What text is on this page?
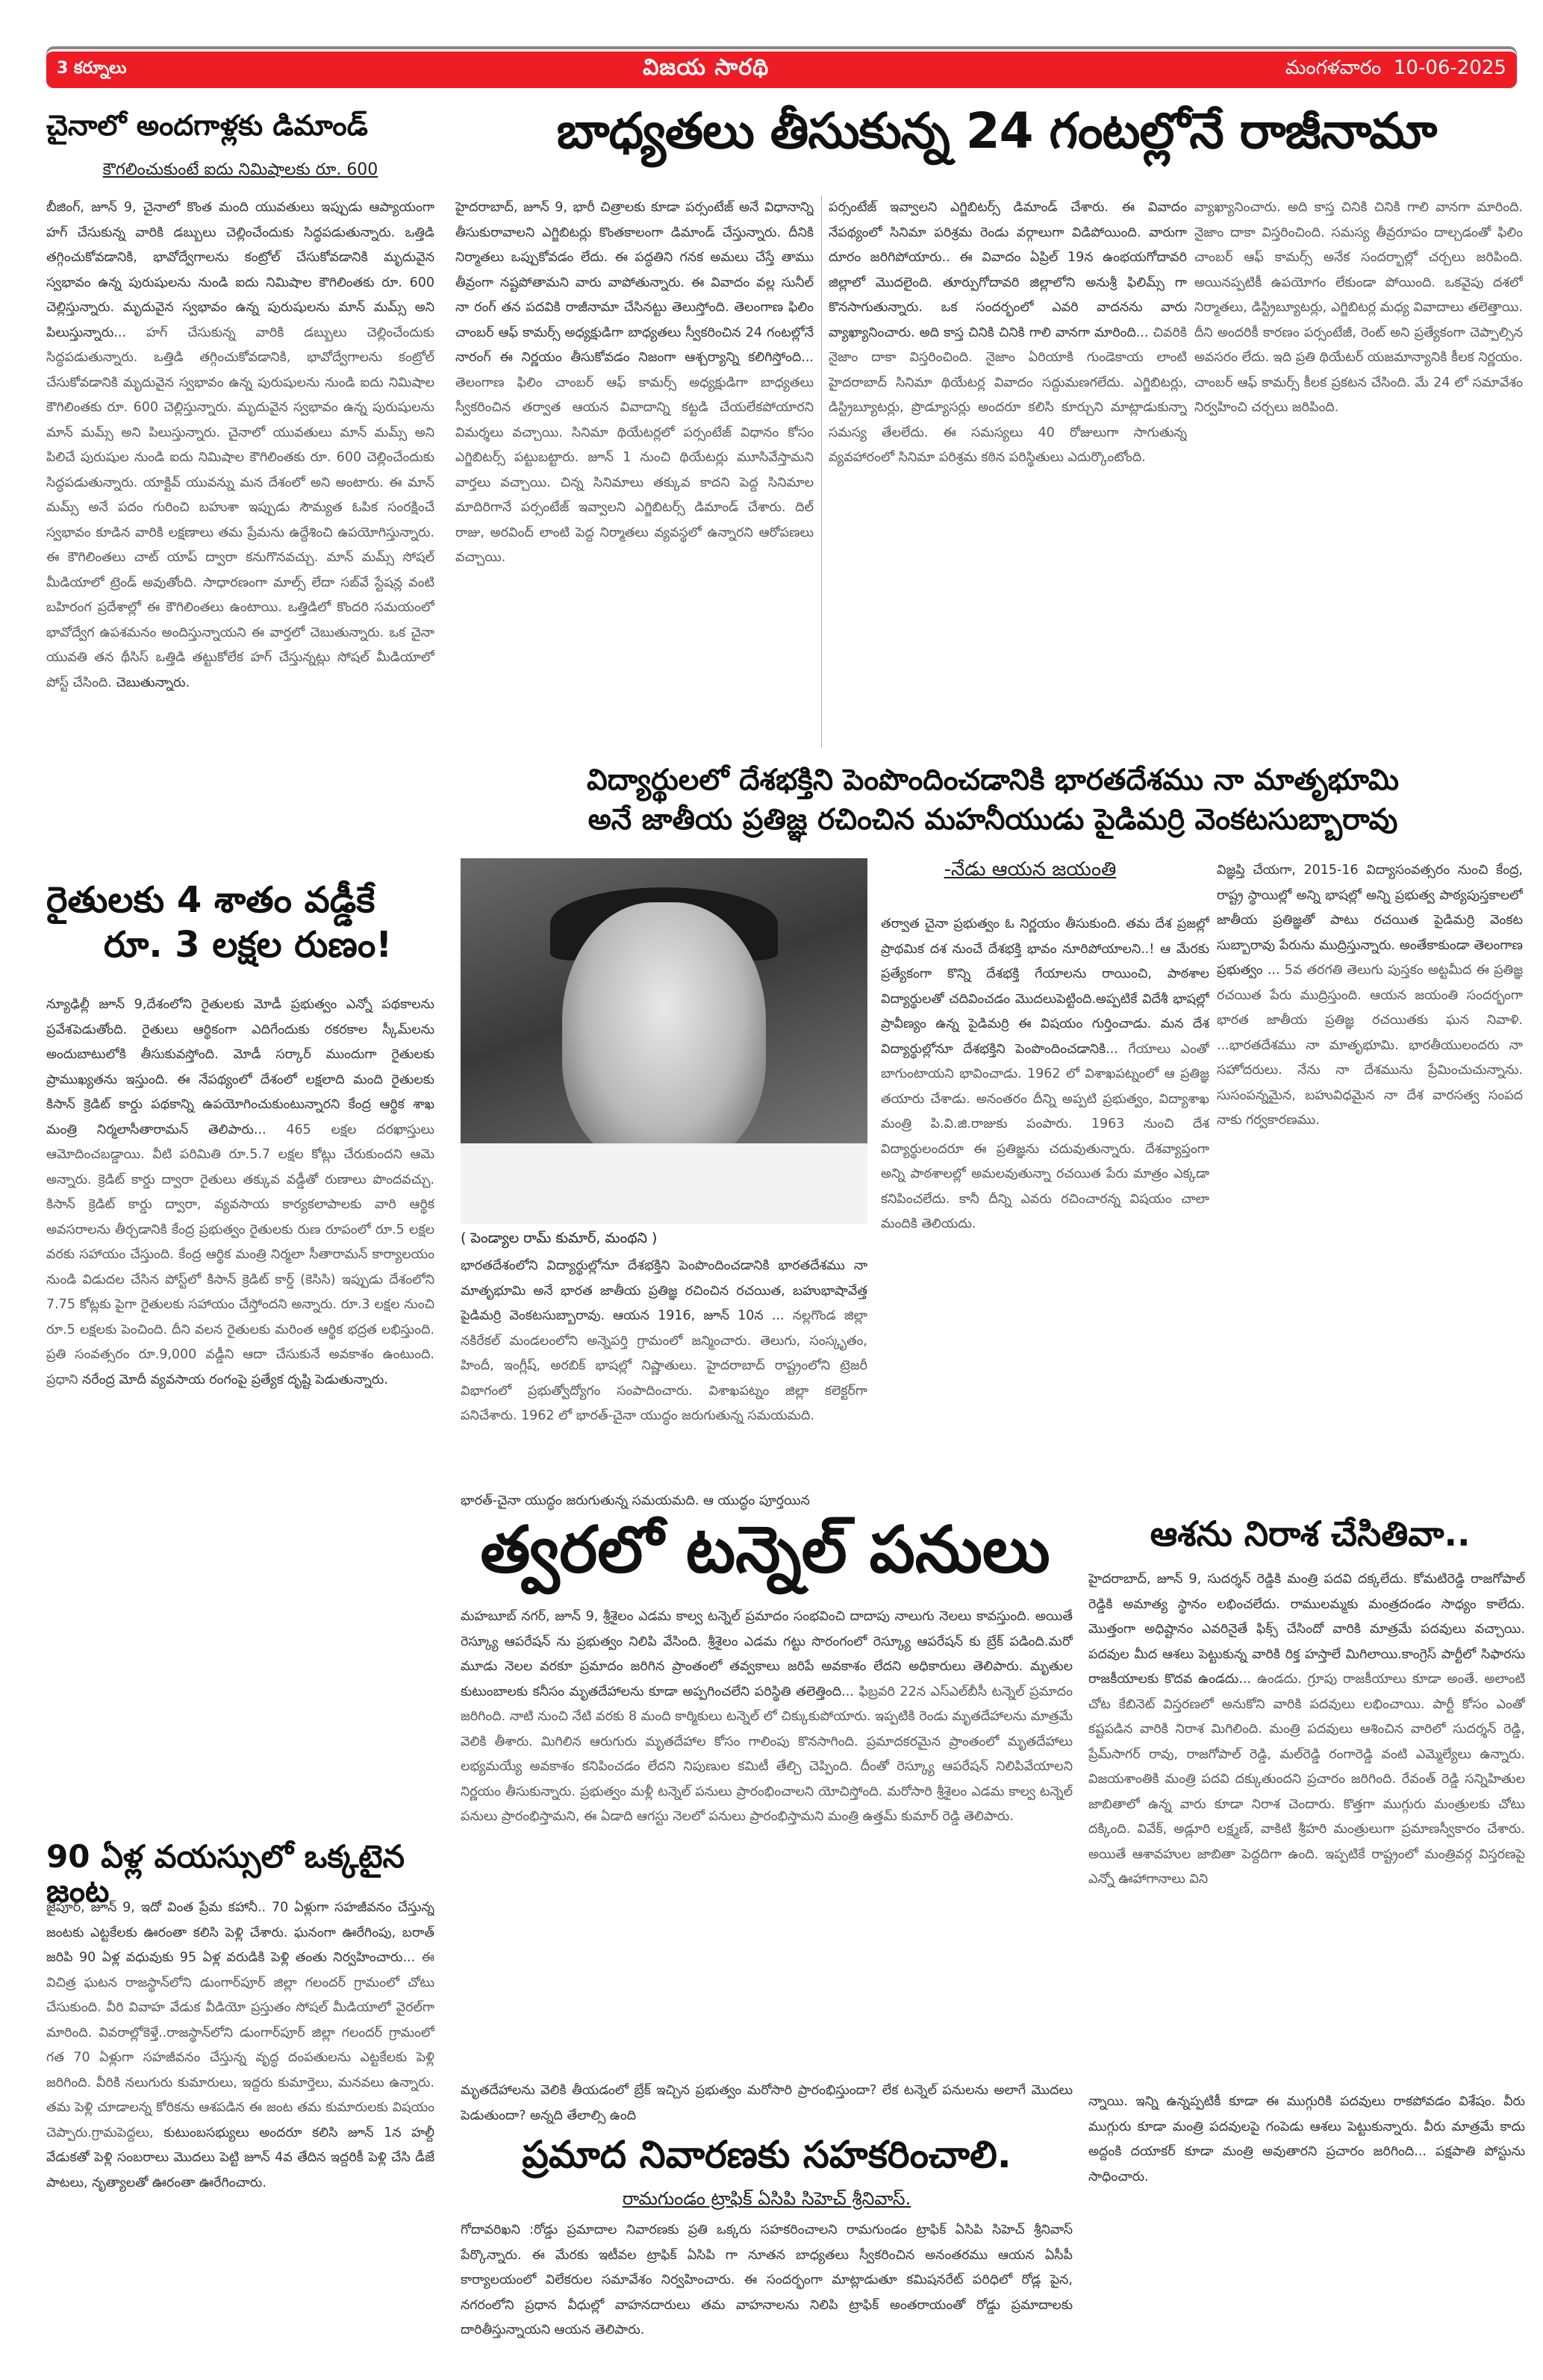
3 కర్నూలు	విజయ సారథి	మంగళవారం 10-06-2025
చైనాలో అందగాళ్లకు డిమాండ్
కౌగలించుకుంటే ఐదు నిమిషాలకు రూ. 600
బీజింగ్, జూన్ 9, చైనాలో కొంత మంది యువతులు ఇప్పుడు ఆప్యాయంగా హగ్ చేసుకున్న వారికి డబ్బులు చెల్లించేందుకు సిద్ధపడుతున్నారు. ఒత్తిడి తగ్గించుకోవడానికి, భావోద్వేగాలను కంట్రోల్‌ చేసుకోవడానికి మృదువైన స్వభావం ఉన్న పురుషులను నుండి ఐదు నిమిషాల కౌగిలింతకు రూ. 600 చెల్లిస్తున్నారు. మృదువైన స్వభావం ఉన్న పురుషులను మాన్ మమ్స్ అని పిలుస్తున్నారు... హగ్ చేసుకున్న వారికి డబ్బులు చెల్లించేందుకు సిద్ధపడుతున్నారు. ఒత్తిడి తగ్గించుకోవడానికి, భావోద్వేగాలను కంట్రోల్‌ చేసుకోవడానికి మృదువైన స్వభావం ఉన్న పురుషులను నుండి ఐదు నిమిషాల కౌగిలింతకు రూ. 600 చెల్లిస్తున్నారు. మృదువైన స్వభావం ఉన్న పురుషులను మాన్ మమ్స్ అని పిలుస్తున్నారు. చైనాలో యువతులు మాన్ మమ్స్ అని పిలిచే పురుషుల నుండి ఐదు నిమిషాల కౌగిలింతకు రూ. 600 చెల్లించేందుకు సిద్ధపడుతున్నారు. యాక్టివ్ యువన్ను మన దేశంలో అని అంటారు. ఈ మాన్ మమ్స్ అనే పదం గురించి బహుశా ఇప్పుడు సౌమ్యత ఓపిక సంరక్షించే స్వభావం కూడిన వారికి లక్షణాలు తమ ప్రేమను ఉద్దేశించి ఉపయోగిస్తున్నారు. ఈ కౌగిలింతలు చాట్ యాప్ ద్వారా కనుగొనవచ్చు. మాన్ మమ్స్ సోషల్ మీడియాలో ట్రెండ్ అవుతోంది. సాధారణంగా మాల్స్ లేదా సబ్‌వే స్టేషన్ల వంటి బహిరంగ ప్రదేశాల్లో ఈ కౌగిలింతలు ఉంటాయి. ఒత్తిడిలో కొందరి సమయంలో భావోద్వేగ ఉపశమనం అందిస్తున్నాయని ఈ వార్తలో చెబుతున్నారు. ఒక చైనా యువతి తన థీసిస్ ఒత్తిడి తట్టుకోలేక హగ్ చేస్తున్నట్లు సోషల్ మీడియాలో పోస్ట్ చేసింది. చెబుతున్నారు.
బాధ్యతలు తీసుకున్న 24 గంటల్లోనే రాజీనామా
హైదరాబాద్, జూన్ 9, భారీ చిత్రాలకు కూడా పర్సంటేజ్ అనే విధానాన్ని తీసుకురావాలని ఎగ్జిబిటర్లు కొంతకాలంగా డిమాండ్ చేస్తున్నారు. దీనికి నిర్మాతలు ఒప్పుకోవడం లేదు. ఈ పద్ధతిని గనక అమలు చేస్తే తాము తీవ్రంగా నష్టపోతామని వారు వాపోతున్నారు. ఈ వివాదం వల్ల సునీల్ నా రంగ్ తన పదవికి రాజీనామా చేసినట్టు తెలుస్తోంది. తెలంగాణ ఫిలిం చాంబర్ ఆఫ్ కామర్స్ అధ్యక్షుడిగా బాధ్యతలు స్వీకరించిన 24 గంటల్లోనే నారంగ్ ఈ నిర్ణయం తీసుకోవడం నిజంగా ఆశ్చర్యాన్ని కలిగిస్తోంది... తెలంగాణ ఫిలిం చాంబర్ ఆఫ్ కామర్స్ అధ్యక్షుడిగా బాధ్యతలు స్వీకరించిన తర్వాత ఆయన వివాదాన్ని కట్టడి చేయలేకపోయారని విమర్శలు వచ్చాయి. సినిమా థియేటర్లలో పర్సంటేజ్ విధానం కోసం ఎగ్జిబిటర్స్ పట్టుబట్టారు. జూన్ 1 నుంచి థియేటర్లు మూసివేస్తామని వార్తలు వచ్చాయి. చిన్న సినిమాలు తక్కువ కాదని పెద్ద సినిమాల మాదిరిగానే పర్సంటేజ్ ఇవ్వాలని ఎగ్జిబిటర్స్ డిమాండ్ చేశారు. దిల్ రాజు, అరవింద్ లాంటి పెద్ద నిర్మాతలు వ్యవస్థలో ఉన్నారని ఆరోపణలు వచ్చాయి.
పర్సంటేజ్ ఇవ్వాలని ఎగ్జిబిటర్స్ డిమాండ్ చేశారు. ఈ వివాదం నేపథ్యంలో సినిమా పరిశ్రమ రెండు వర్గాలుగా విడిపోయింది. వారుగా దూరం జరిగిపోయారు.. ఈ వివాదం ఏప్రిల్ 19న ఉంభయగోదావరి జిల్లాలో మొదలైంది. తూర్పుగోదావరి జిల్లాలోని అనుశ్రీ ఫిలిమ్స్ గా కొనసాగుతున్నారు. ఒక సందర్భంలో ఎవరి వాదనను వారు వ్యాఖ్యానించారు. అది కాస్త చినికి చినికి గాలి వానగా మారింది... చివరికి నైజాం దాకా విస్తరించింది. నైజాం ఏరియాకి గుండెకాయ లాంటి హైదరాబాద్ సినిమా థియేటర్ల వివాదం సద్దుమణగలేదు. ఎగ్జిబిటర్లు, డిస్ట్రిబ్యూటర్లు, ప్రొడ్యూసర్లు అందరూ కలిసి కూర్చుని మాట్లాడుకున్నా సమస్య తేలలేదు. ఈ సమస్యలు 40 రోజులుగా సాగుతున్న వ్యవహారంలో సినిమా పరిశ్రమ కఠిన పరిస్థితులు ఎదుర్కొంటోంది.
వ్యాఖ్యానించారు. అది కాస్త చినికి చినికి గాలి వానగా మారింది. నైజాం దాకా విస్తరించింది. సమస్య తీవ్రరూపం దాల్చడంతో ఫిలిం చాంబర్ ఆఫ్ కామర్స్ అనేక సందర్భాల్లో చర్చలు జరిపింది. అయినప్పటికీ ఉపయోగం లేకుండా పోయింది. ఒకవైపు దశలో నిర్మాతలు, డిస్ట్రిబ్యూటర్లు, ఎగ్జిబిటర్ల మధ్య వివాదాలు తలెత్తాయి. దీని అందరికీ కారణం పర్సంటేజీ, రెంట్ అని ప్రత్యేకంగా చెప్పాల్సిన అవసరం లేదు. ఇది ప్రతి థియేటర్ యజమాన్యానికి కీలక నిర్ణయం. చాంబర్ ఆఫ్ కామర్స్ కీలక ప్రకటన చేసింది. మే 24 లో సమావేశం నిర్వహించి చర్చలు జరిపింది.
విద్యార్థులలో దేశభక్తిని పెంపొందించడానికి భారతదేశము నా మాతృభూమి
అనే జాతీయ ప్రతిజ్ఞ రచించిన మహనీయుడు పైడిమర్రి వెంకటసుబ్బారావు
-నేడు ఆయన జయంతి
( పెండ్యాల రామ్ కుమార్, మంథని )
భారతదేశంలోని విద్యార్థుల్లోనూ దేశభక్తిని పెంపొందించడానికి భారతదేశము నా మాతృభూమి అనే భారత జాతీయ ప్రతిజ్ఞ రచించిన రచయిత, బహుభాషావేత్త పైడిమర్రి వెంకటసుబ్బారావు. ఆయన 1916, జూన్ 10న ... నల్లగొండ జిల్లా నకిరేకల్ మండలంలోని అన్నెపర్తి గ్రామంలో జన్మించారు. తెలుగు, సంస్కృతం, హిందీ, ఇంగ్లీష్, అరబిక్ భాషల్లో నిష్ణాతులు. హైదరాబాద్ రాష్ట్రంలోని ట్రెజరీ విభాగంలో ప్రభుత్వోద్యోగం సంపాదించారు. విశాఖపట్నం జిల్లా కలెక్టర్‌గా పనిచేశారు. 1962 లో భారత్-చైనా యుద్ధం జరుగుతున్న సమయమది.
భారత్-చైనా యుద్ధం జరుగుతున్న సమయమది. ఆ యుద్ధం పూర్తయిన
తర్వాత చైనా ప్రభుత్వం ఓ నిర్ణయం తీసుకుంది. తమ దేశ ప్రజల్లో ప్రాథమిక దశ నుంచే దేశభక్తి భావం నూరిపోయాలని..! ఆ మేరకు ప్రత్యేకంగా కొన్ని దేశభక్తి గేయాలను రాయించి, పాఠశాల విద్యార్థులతో చదివించడం మొదలుపెట్టింది.అప్పటికే విదేశీ భాషల్లో ప్రావీణ్యం ఉన్న పైడిమర్రి ఈ విషయం గుర్తించాడు. మన దేశ విద్యార్థుల్లోనూ దేశభక్తిని పెంపొందించడానికి... గేయాలు ఎంతో బాగుంటాయని భావించాడు. 1962 లో విశాఖపట్నంలో ఆ ప్రతిజ్ఞ తయారు చేశాడు. అనంతరం దీన్ని అప్పటి ప్రభుత్వం, విద్యాశాఖ మంత్రి పి.వి.జి.రాజుకు పంపారు. 1963 నుంచి దేశ విద్యార్థులందరూ ఈ ప్రతిజ్ఞను చదువుతున్నారు. దేశవ్యాప్తంగా అన్ని పాఠశాలల్లో అమలవుతున్నా రచయిత పేరు మాత్రం ఎక్కడా కనిపించలేదు. కానీ దీన్ని ఎవరు రచించారన్న విషయం చాలా మందికి తెలియదు.
విజ్ఞప్తి చేయగా, 2015-16 విద్యాసంవత్సరం నుంచి కేంద్ర, రాష్ట్ర స్థాయిల్లో అన్ని భాషల్లో అన్ని ప్రభుత్వ పాఠ్యపుస్తకాలలో జాతీయ ప్రతిజ్ఞతో పాటు రచయిత పైడిమర్రి వెంకట సుబ్బారావు పేరును ముద్రిస్తున్నారు. అంతేకాకుండా తెలంగాణ ప్రభుత్వం ... 5వ తరగతి తెలుగు పుస్తకం అట్టమీద ఈ ప్రతిజ్ఞ రచయిత పేరు ముద్రిస్తుంది. ఆయన జయంతి సందర్భంగా భారత జాతీయ ప్రతిజ్ఞ రచయితకు ఘన నివాళి. ...భారతదేశము నా మాతృభూమి. భారతీయులందరు నా సహోదరులు. నేను నా దేశమును ప్రేమించుచున్నాను. సుసంపన్నమైన, బహువిధమైన నా దేశ వారసత్వ సంపద నాకు గర్వకారణము.
రైతులకు 4 శాతం వడ్డీకే
రూ. 3 లక్షల రుణం!
న్యూఢిల్లీ జూన్ 9,దేశంలోని రైతులకు మోడీ ప్రభుత్వం ఎన్నో పథకాలను ప్రవేశపెడుతోంది. రైతులు ఆర్థికంగా ఎదిగేందుకు రకరకాల స్కీమ్‌లను అందుబాటులోకి తీసుకువస్తోంది. మోడీ సర్కార్ ముందుగా రైతులకు ప్రాముఖ్యతను ఇస్తుంది. ఈ నేపథ్యంలో దేశంలో లక్షలాది మంది రైతులకు కిసాన్ క్రెడిట్ కార్డు పథకాన్ని ఉపయోగించుకుంటున్నారని కేంద్ర ఆర్థిక శాఖ మంత్రి నిర్మలాసీతారామన్ తెలిపారు... 465 లక్షల దరఖాస్తులు ఆమోదించబడ్డాయి. వీటి పరిమితి రూ.5.7 లక్షల కోట్లు చేరుకుందని ఆమె అన్నారు. క్రెడిట్ కార్డు ద్వారా రైతులు తక్కువ వడ్డీతో రుణాలు పొందవచ్చు. కిసాన్ క్రెడిట్ కార్డు ద్వారా, వ్యవసాయ కార్యకలాపాలకు వారి ఆర్థిక అవసరాలను తీర్చడానికి కేంద్ర ప్రభుత్వం రైతులకు రుణ రూపంలో రూ.5 లక్షల వరకు సహాయం చేస్తుంది. కేంద్ర ఆర్థిక మంత్రి నిర్మలా సీతారామన్ కార్యాలయం నుండి విడుదల చేసిన పోస్ట్‌లో కిసాన్ క్రెడిట్ కార్డ్ (కెసిసి) ఇప్పుడు దేశంలోని 7.75 కోట్లకు పైగా రైతులకు సహాయం చేస్తోందని అన్నారు. రూ.3 లక్షల నుంచి రూ.5 లక్షలకు పెంచింది. దీని వలన రైతులకు మరింత ఆర్థిక భద్రత లభిస్తుంది. ప్రతి సంవత్సరం రూ.9,000 వడ్డీని ఆదా చేసుకునే అవకాశం ఉంటుంది. ప్రధాని నరేంద్ర మోదీ వ్యవసాయ రంగంపై ప్రత్యేక దృష్టి పెడుతున్నారు.
90 ఏళ్ల వయస్సులో ఒక్కటైన జంట
జైపూర్, జూన్ 9, ఇదో వింత ప్రేమ కహానీ.. 70 ఏళ్లుగా సహజీవనం చేస్తున్న జంటకు ఎట్టకేలకు ఊరంతా కలిసి పెళ్లి చేశారు. ఘనంగా ఊరేగింపు, బరాత్ జరిపి 90 ఏళ్ల వధువుకు 95 ఏళ్ల వరుడికి పెళ్లి తంతు నిర్వహించారు... ఈ విచిత్ర ఘటన రాజస్థాన్‌లోని డుంగార్‌పూర్ జిల్లా గలందర్ గ్రామంలో చోటు చేసుకుంది. వీరి వివాహ వేడుక వీడియో ప్రస్తుతం సోషల్ మీడియాలో వైరల్‌గా మారింది. వివరాల్లోకెళ్తే..రాజస్థాన్‌లోని డుంగార్‌పూర్ జిల్లా గలందర్ గ్రామంలో గత 70 ఏళ్లుగా సహజీవనం చేస్తున్న వృద్ధ దంపతులను ఎట్టకేలకు పెళ్లి జరిగింది. వీరికి నలుగురు కుమారులు, ఇద్దరు కుమార్తెలు, మనవలు ఉన్నారు. తమ పెళ్లి చూడాలన్న కోరికను ఆశపడిన ఈ జంట తమ కుమారులకు విషయం చెప్పారు.గ్రామపెద్దలు, కుటుంబసభ్యులు అందరూ కలిసి జూన్ 1న హల్దీ వేడుకతో పెళ్లి సంబరాలు మొదలు పెట్టి జూన్ 4వ తేదిన ఇద్దరికీ పెళ్లి చేసి డీజే పాటలు, నృత్యాలతో ఊరంతా ఊరేగించారు.
త్వరలో టన్నెల్ పనులు
మహబూబ్ నగర్, జూన్ 9, శ్రీశైలం ఎడమ కాల్వ టన్నెల్ ప్రమాదం సంభవించి దాదాపు నాలుగు నెలలు కావస్తుంది. అయితే రెస్క్యూ ఆపరేషన్ ను ప్రభుత్వం నిలిపి వేసింది. శ్రీశైలం ఎడమ గట్టు సొరంగంలో రెస్క్యూ ఆపరేషన్ కు బ్రేక్ పడింది.మరో మూడు నెలల వరకూ ప్రమాదం జరిగిన ప్రాంతంలో తవ్వకాలు జరిపే అవకాశం లేదని అధికారులు తెలిపారు. మృతుల కుటుంబాలకు కనీసం మృతదేహాలను కూడా అప్పగించలేని పరిస్థితి తలెత్తింది... ఫిబ్రవరి 22న ఎస్‌ఎల్‌బీసీ టన్నెల్ ప్రమాదం జరిగింది. నాటి నుంచి నేటి వరకు 8 మంది కార్మికులు టన్నెల్ లో చిక్కుకుపోయారు. ఇప్పటికి రెండు మృతదేహాలను మాత్రమే వెలికి తీశారు. మిగిలిన ఆరుగురు మృతదేహాల కోసం గాలింపు కొనసాగింది. ప్రమాదకరమైన ప్రాంతంలో మృతదేహాలు లభ్యమయ్యే అవకాశం కనిపించడం లేదని నిపుణుల కమిటీ తేల్చి చెప్పింది. దీంతో రెస్క్యూ ఆపరేషన్ నిలిపివేయాలని నిర్ణయం తీసుకున్నారు. ప్రభుత్వం మళ్లీ టన్నెల్ పనులు ప్రారంభించాలని యోచిస్తోంది. మరోసారి శ్రీశైలం ఎడమ కాల్వ టన్నెల్ పనులు ప్రారంభిస్తామని, ఈ ఏడాది ఆగస్టు నెలలో పనులు ప్రారంభిస్తామని మంత్రి ఉత్తమ్ కుమార్ రెడ్డి తెలిపారు.
మృతదేహాలను వెలికి తీయడంలో బ్రేక్ ఇచ్చిన ప్రభుత్వం మరోసారి ప్రారంభిస్తుందా? లేక టన్నెల్ పనులను అలాగే మొదలు పెడుతుందా? అన్నది తేలాల్సి ఉంది
ఆశను నిరాశ చేసితివా..
హైదరాబాద్, జూన్ 9, సుదర్శన్ రెడ్డికి మంత్రి పదవి దక్కలేదు. కోమటిరెడ్డి రాజగోపాల్ రెడ్డికి అమాత్య స్థానం లభించలేదు. రాములమ్మకు మంత్రదండం సాధ్యం కాలేదు. మొత్తంగా అధిష్టానం ఎవరినైతే ఫిక్స్ చేసిందో వారికి మాత్రమే పదవులు వచ్చాయి. పదవుల మీద ఆశలు పెట్టుకున్న వారికి రిక్త హస్తాలే మిగిలాయి.కాంగ్రెస్ పార్టీలో సిఫారసు రాజకీయాలకు కొదవ ఉండదు... ఉండదు. గ్రూపు రాజకీయాలు కూడా అంతే. అలాంటి చోట కేబినెట్ విస్తరణలో అనుకోని వారికి పదవులు లభించాయి. పార్టీ కోసం ఎంతో కష్టపడిన వారికి నిరాశ మిగిలింది. మంత్రి పదవులు ఆశించిన వారిలో సుదర్శన్ రెడ్డి, ప్రేమ్‌సాగర్ రావు, రాజగోపాల్ రెడ్డి, మల్‌రెడ్డి రంగారెడ్డి వంటి ఎమ్మెల్యేలు ఉన్నారు. విజయశాంతికి మంత్రి పదవి దక్కుతుందని ప్రచారం జరిగింది. రేవంత్ రెడ్డి సన్నిహితుల జాబితాలో ఉన్న వారు కూడా నిరాశ చెందారు. కొత్తగా ముగ్గురు మంత్రులకు చోటు దక్కింది. వివేక్, అడ్లూరి లక్ష్మణ్, వాకిటి శ్రీహరి మంత్రులుగా ప్రమాణస్వీకారం చేశారు. అయితే ఆశావహుల జాబితా పెద్దదిగా ఉంది. ఇప్పటికే రాష్ట్రంలో మంత్రివర్గ విస్తరణపై ఎన్నో ఊహాగానాలు విని
న్నాయి. ఇన్ని ఉన్నప్పటికీ కూడా ఈ ముగ్గురికి పదవులు రాకపోవడం విశేషం. వీరు ముగ్గురు కూడా మంత్రి పదవులపై గంపెడు ఆశలు పెట్టుకున్నారు. వీరు మాత్రమే కాదు అద్దంకి దయాకర్ కూడా మంత్రి అవుతారని ప్రచారం జరిగింది... పక్షపాతి పోస్టును సాధించారు.
ప్రమాద నివారణకు సహకరించాలి.
రామగుండం ట్రాఫిక్ ఏసిపి సిహెచ్ శ్రీనివాస్.
గోదావరిఖని :రోడ్డు ప్రమాదాల నివారణకు ప్రతి ఒక్కరు సహకరించాలని రామగుండం ట్రాఫిక్ ఏసిపి సిహెచ్ శ్రీనివాస్ పేర్కొన్నారు. ఈ మేరకు ఇటీవల ట్రాఫిక్ ఏసిపి గా నూతన బాధ్యతలు స్వీకరించిన అనంతరము ఆయన ఏసీపీ కార్యాలయంలో విలేకరుల సమావేశం నిర్వహించారు. ఈ సందర్భంగా మాట్లాడుతూ కమిషనరేట్ పరిధిలో రోడ్ల పైన, నగరంలోని ప్రధాన వీధుల్లో వాహనదారులు తమ వాహనాలను నిలిపి ట్రాఫిక్ అంతరాయంతో రోడ్డు ప్రమాదాలకు దారితీస్తున్నాయని ఆయన తెలిపారు.
